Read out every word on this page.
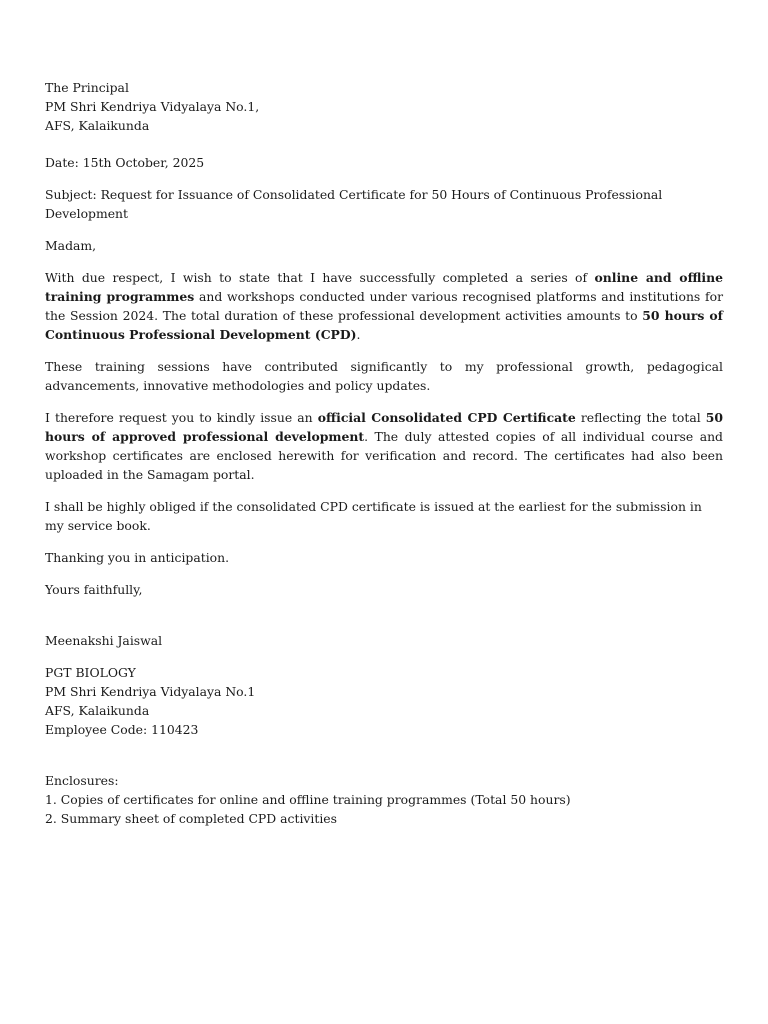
The Principal
PM Shri Kendriya Vidyalaya No.1,
AFS, Kalaikunda

Date: 15th October, 2025

Subject: Request for Issuance of Consolidated Certificate for 50 Hours of Continuous Professional Development

Madam,

With due respect, I wish to state that I have successfully completed a series of online and offline training programmes and workshops conducted under various recognised platforms and institutions for the Session 2024. The total duration of these professional development activities amounts to 50 hours of Continuous Professional Development (CPD).

These training sessions have contributed significantly to my professional growth, pedagogical advancements, innovative methodologies and policy updates.

I therefore request you to kindly issue an official Consolidated CPD Certificate reflecting the total 50 hours of approved professional development. The duly attested copies of all individual course and workshop certificates are enclosed herewith for verification and record. The certificates had also been uploaded in the Samagam portal.

I shall be highly obliged if the consolidated CPD certificate is issued at the earliest for the submission in my service book.

Thanking you in anticipation.

Yours faithfully,

Meenakshi Jaiswal

PGT BIOLOGY
PM Shri Kendriya Vidyalaya No.1
AFS, Kalaikunda
Employee Code: 110423
Enclosures:
1. Copies of certificates for online and offline training programmes (Total 50 hours)
2. Summary sheet of completed CPD activities
